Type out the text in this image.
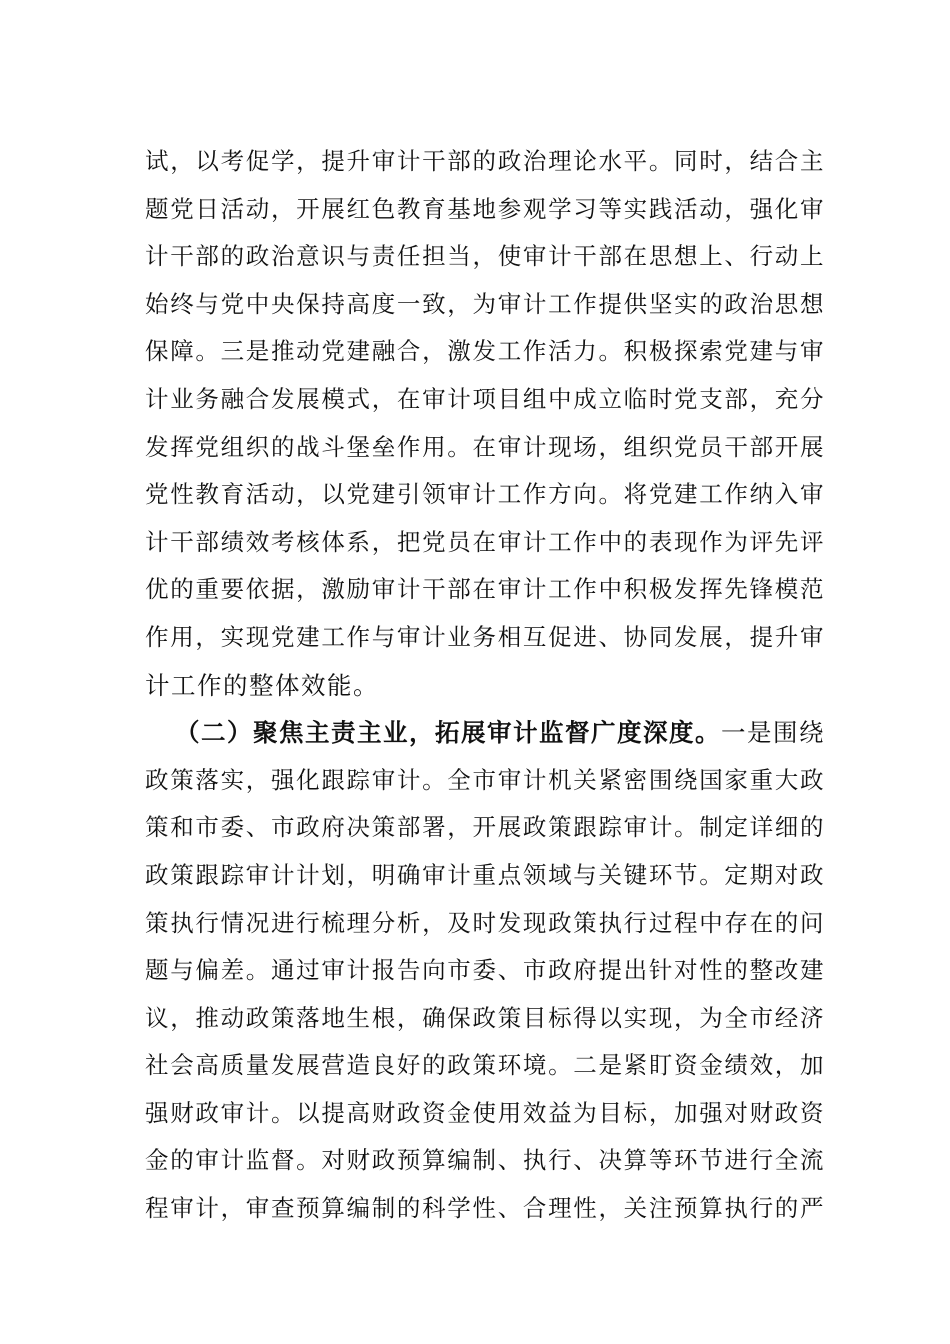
试，以考促学，提升审计干部的政治理论水平。同时，结合主
题党日活动，开展红色教育基地参观学习等实践活动，强化审
计干部的政治意识与责任担当，使审计干部在思想上、行动上
始终与党中央保持高度一致，为审计工作提供坚实的政治思想
保障。三是推动党建融合，激发工作活力。积极探索党建与审
计业务融合发展模式，在审计项目组中成立临时党支部，充分
发挥党组织的战斗堡垒作用。在审计现场，组织党员干部开展
党性教育活动，以党建引领审计工作方向。将党建工作纳入审
计干部绩效考核体系，把党员在审计工作中的表现作为评先评
优的重要依据，激励审计干部在审计工作中积极发挥先锋模范
作用，实现党建工作与审计业务相互促进、协同发展，提升审
计工作的整体效能。
（二）聚焦主责主业，拓展审计监督广度深度。一是围绕
政策落实，强化跟踪审计。全市审计机关紧密围绕国家重大政
策和市委、市政府决策部署，开展政策跟踪审计。制定详细的
政策跟踪审计计划，明确审计重点领域与关键环节。定期对政
策执行情况进行梳理分析，及时发现政策执行过程中存在的问
题与偏差。通过审计报告向市委、市政府提出针对性的整改建
议，推动政策落地生根，确保政策目标得以实现，为全市经济
社会高质量发展营造良好的政策环境。二是紧盯资金绩效，加
强财政审计。以提高财政资金使用效益为目标，加强对财政资
金的审计监督。对财政预算编制、执行、决算等环节进行全流
程审计，审查预算编制的科学性、合理性，关注预算执行的严
